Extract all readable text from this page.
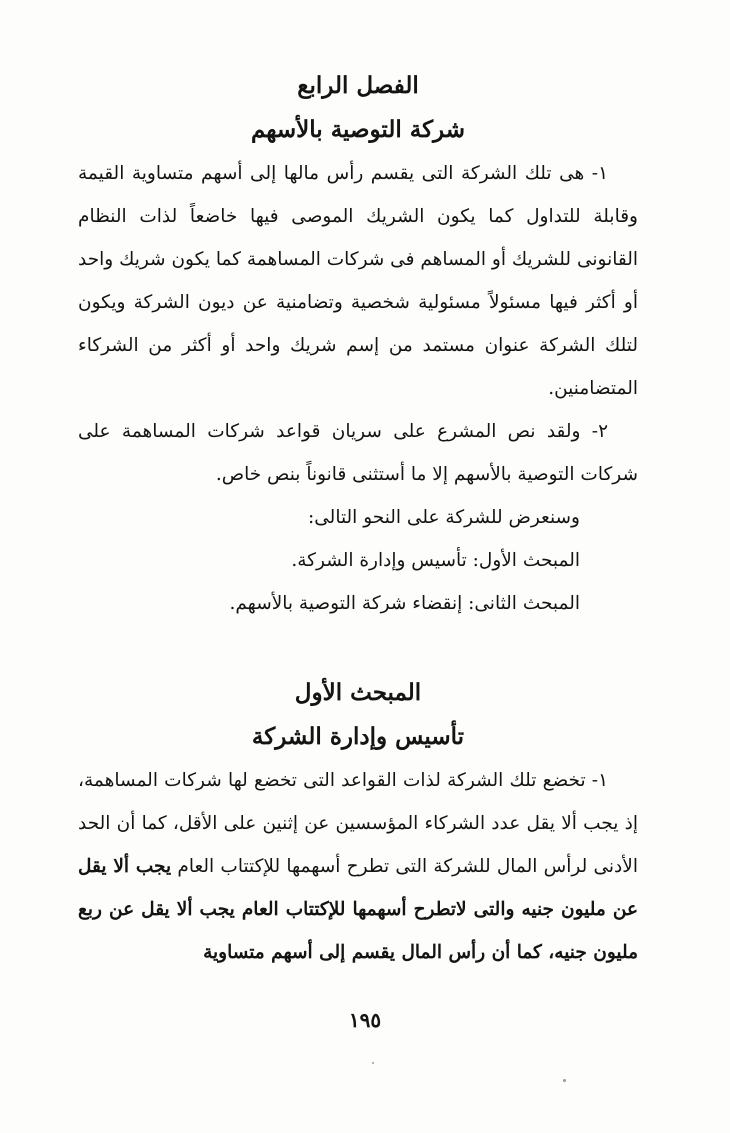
الفصل الرابع
شركة التوصية بالأسهم

١- هى تلك الشركة التى يقسم رأس مالها إلى أسهم متساوية القيمة وقابلة للتداول كما يكون الشريك الموصى فيها خاضعاً لذات النظام القانونى للشريك أو المساهم فى شركات المساهمة كما يكون شريك واحد أو أكثر فيها مسئولاً مسئولية شخصية وتضامنية عن ديون الشركة ويكون لتلك الشركة عنوان مستمد من إسم شريك واحد أو أكثر من الشركاء المتضامنين.

٢- ولقد نص المشرع على سريان قواعد شركات المساهمة على شركات التوصية بالأسهم إلا ما أستثنى قانوناً بنص خاص.

وسنعرض للشركة على النحو التالى:

المبحث الأول: تأسيس وإدارة الشركة.

المبحث الثانى: إنقضاء شركة التوصية بالأسهم.

المبحث الأول
تأسيس وإدارة الشركة

١- تخضع تلك الشركة لذات القواعد التى تخضع لها شركات المساهمة، إذ يجب ألا يقل عدد الشركاء المؤسسين عن إثنين على الأقل، كما أن الحد الأدنى لرأس المال للشركة التى تطرح أسهمها للإكتتاب العام يجب ألا يقل عن مليون جنيه والتى لاتطرح أسهمها للإكتتاب العام يجب ألا يقل عن ربع مليون جنيه، كما أن رأس المال يقسم إلى أسهم متساوية

١٩٥
